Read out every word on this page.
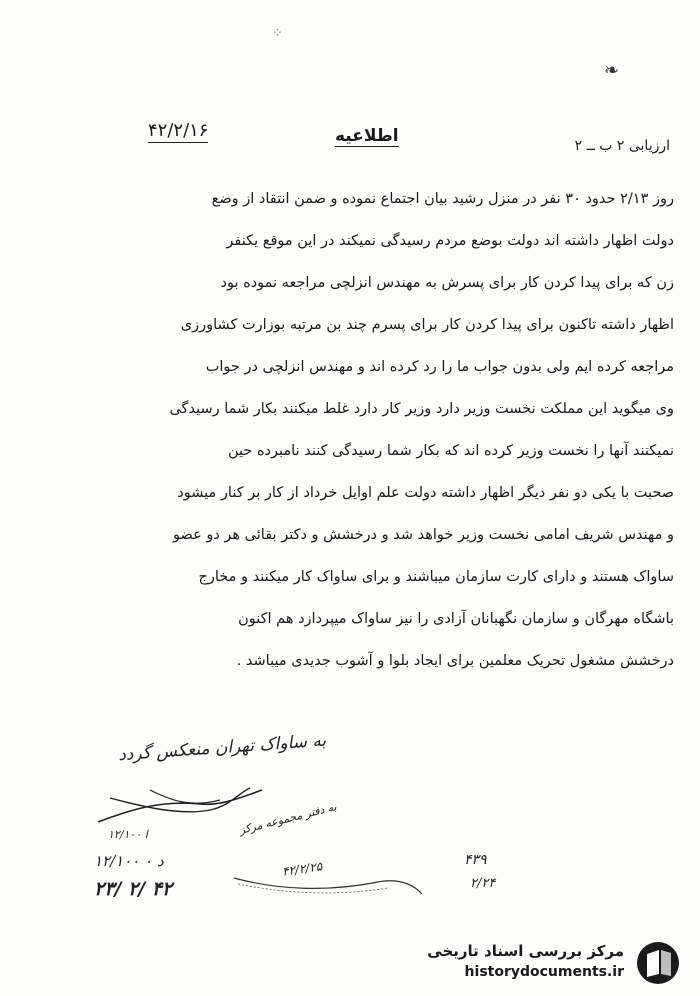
⁘
❧
۴۲/۲/۱۶	اطلاعیه	ارزیابی ۲ ب ــ ۲
روز ۲/۱۳ حدود ۳۰ نفر در منزل رشید بیان اجتماع نموده و ضمن انتقاد از وضع
دولت اظهار داشته اند دولت بوضع مردم رسیدگی نمیکند در این موقع یکنفر
زن که برای پیدا کردن کار برای پسرش به مهندس انزلچی مراجعه نموده بود
اظهار داشته تاکنون برای پیدا کردن کار برای پسرم چند بن مرتبه بوزارت کشاورزی
مراجعه کرده ایم ولی بدون جواب ما را رد کرده اند و مهندس انزلچی در جواب
وی میگوید این مملکت نخست وزیر دارد وزیر کار دارد غلط میکنند بکار شما رسیدگی
نمیکنند آنها را نخست وزیر کرده اند که بکار شما رسیدگی کنند نامبرده حین
صحبت با یکی دو نفر دیگر اظهار داشته دولت علم اوایل خرداد از کار بر کنار میشود
و مهندس شریف امامی نخست وزیر خواهد شد و درخشش و دکتر بقائی هر دو عضو
ساواک هستند و دارای کارت سازمان میباشند و برای ساواک کار میکنند و مخارج
باشگاه مهرگان و سازمان نگهبانان آزادی را نیز ساواک میپردازد هم اکنون
درخشش مشغول تحریک معلمین برای ایجاد بلوا و آشوب جدیدی میباشد .
به ساواک تهران منعکس گردد
به دفتر مجموعه مرکز
۴۲/۲/۲۵	۴۳۹
۲/۲۴
ا ۱۲/۱۰۰
۱۲/۱۰۰ د ۰
۲۳/ ۲/ ۴۲
مرکز بررسی اسناد تاریخی
historydocuments.ir
